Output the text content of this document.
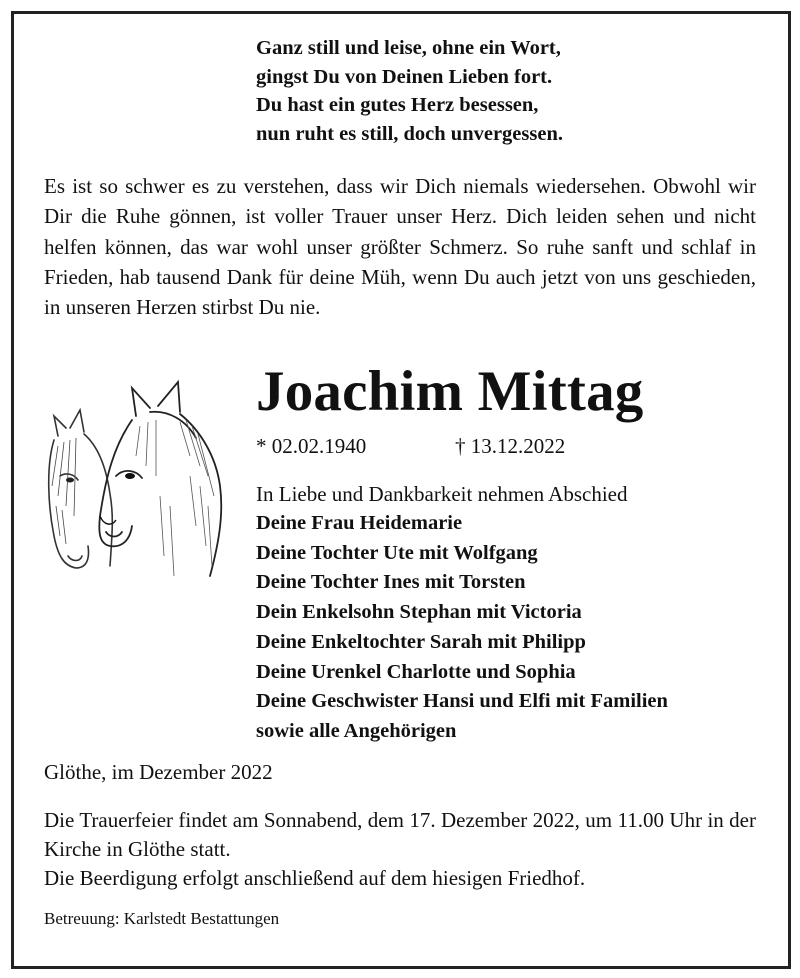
Ganz still und leise, ohne ein Wort,
gingst Du von Deinen Lieben fort.
Du hast ein gutes Herz besessen,
nun ruht es still, doch unvergessen.
Es ist so schwer es zu verstehen, dass wir Dich niemals wiedersehen. Obwohl wir Dir die Ruhe gönnen, ist voller Trauer unser Herz. Dich leiden sehen und nicht helfen können, das war wohl unser größter Schmerz. So ruhe sanft und schlaf in Frieden, hab tausend Dank für deine Müh, wenn Du auch jetzt von uns geschieden, in unseren Herzen stirbst Du nie.
Joachim Mittag
* 02.02.1940	† 13.12.2022
In Liebe und Dankbarkeit nehmen Abschied
Deine Frau Heidemarie
Deine Tochter Ute mit Wolfgang
Deine Tochter Ines mit Torsten
Dein Enkelsohn Stephan mit Victoria
Deine Enkeltochter Sarah mit Philipp
Deine Urenkel Charlotte und Sophia
Deine Geschwister Hansi und Elfi mit Familien
sowie alle Angehörigen
Glöthe, im Dezember 2022
Die Trauerfeier findet am Sonnabend, dem 17. Dezember 2022, um 11.00 Uhr in der Kirche in Glöthe statt.
Die Beerdigung erfolgt anschließend auf dem hiesigen Friedhof.
Betreuung: Karlstedt Bestattungen
